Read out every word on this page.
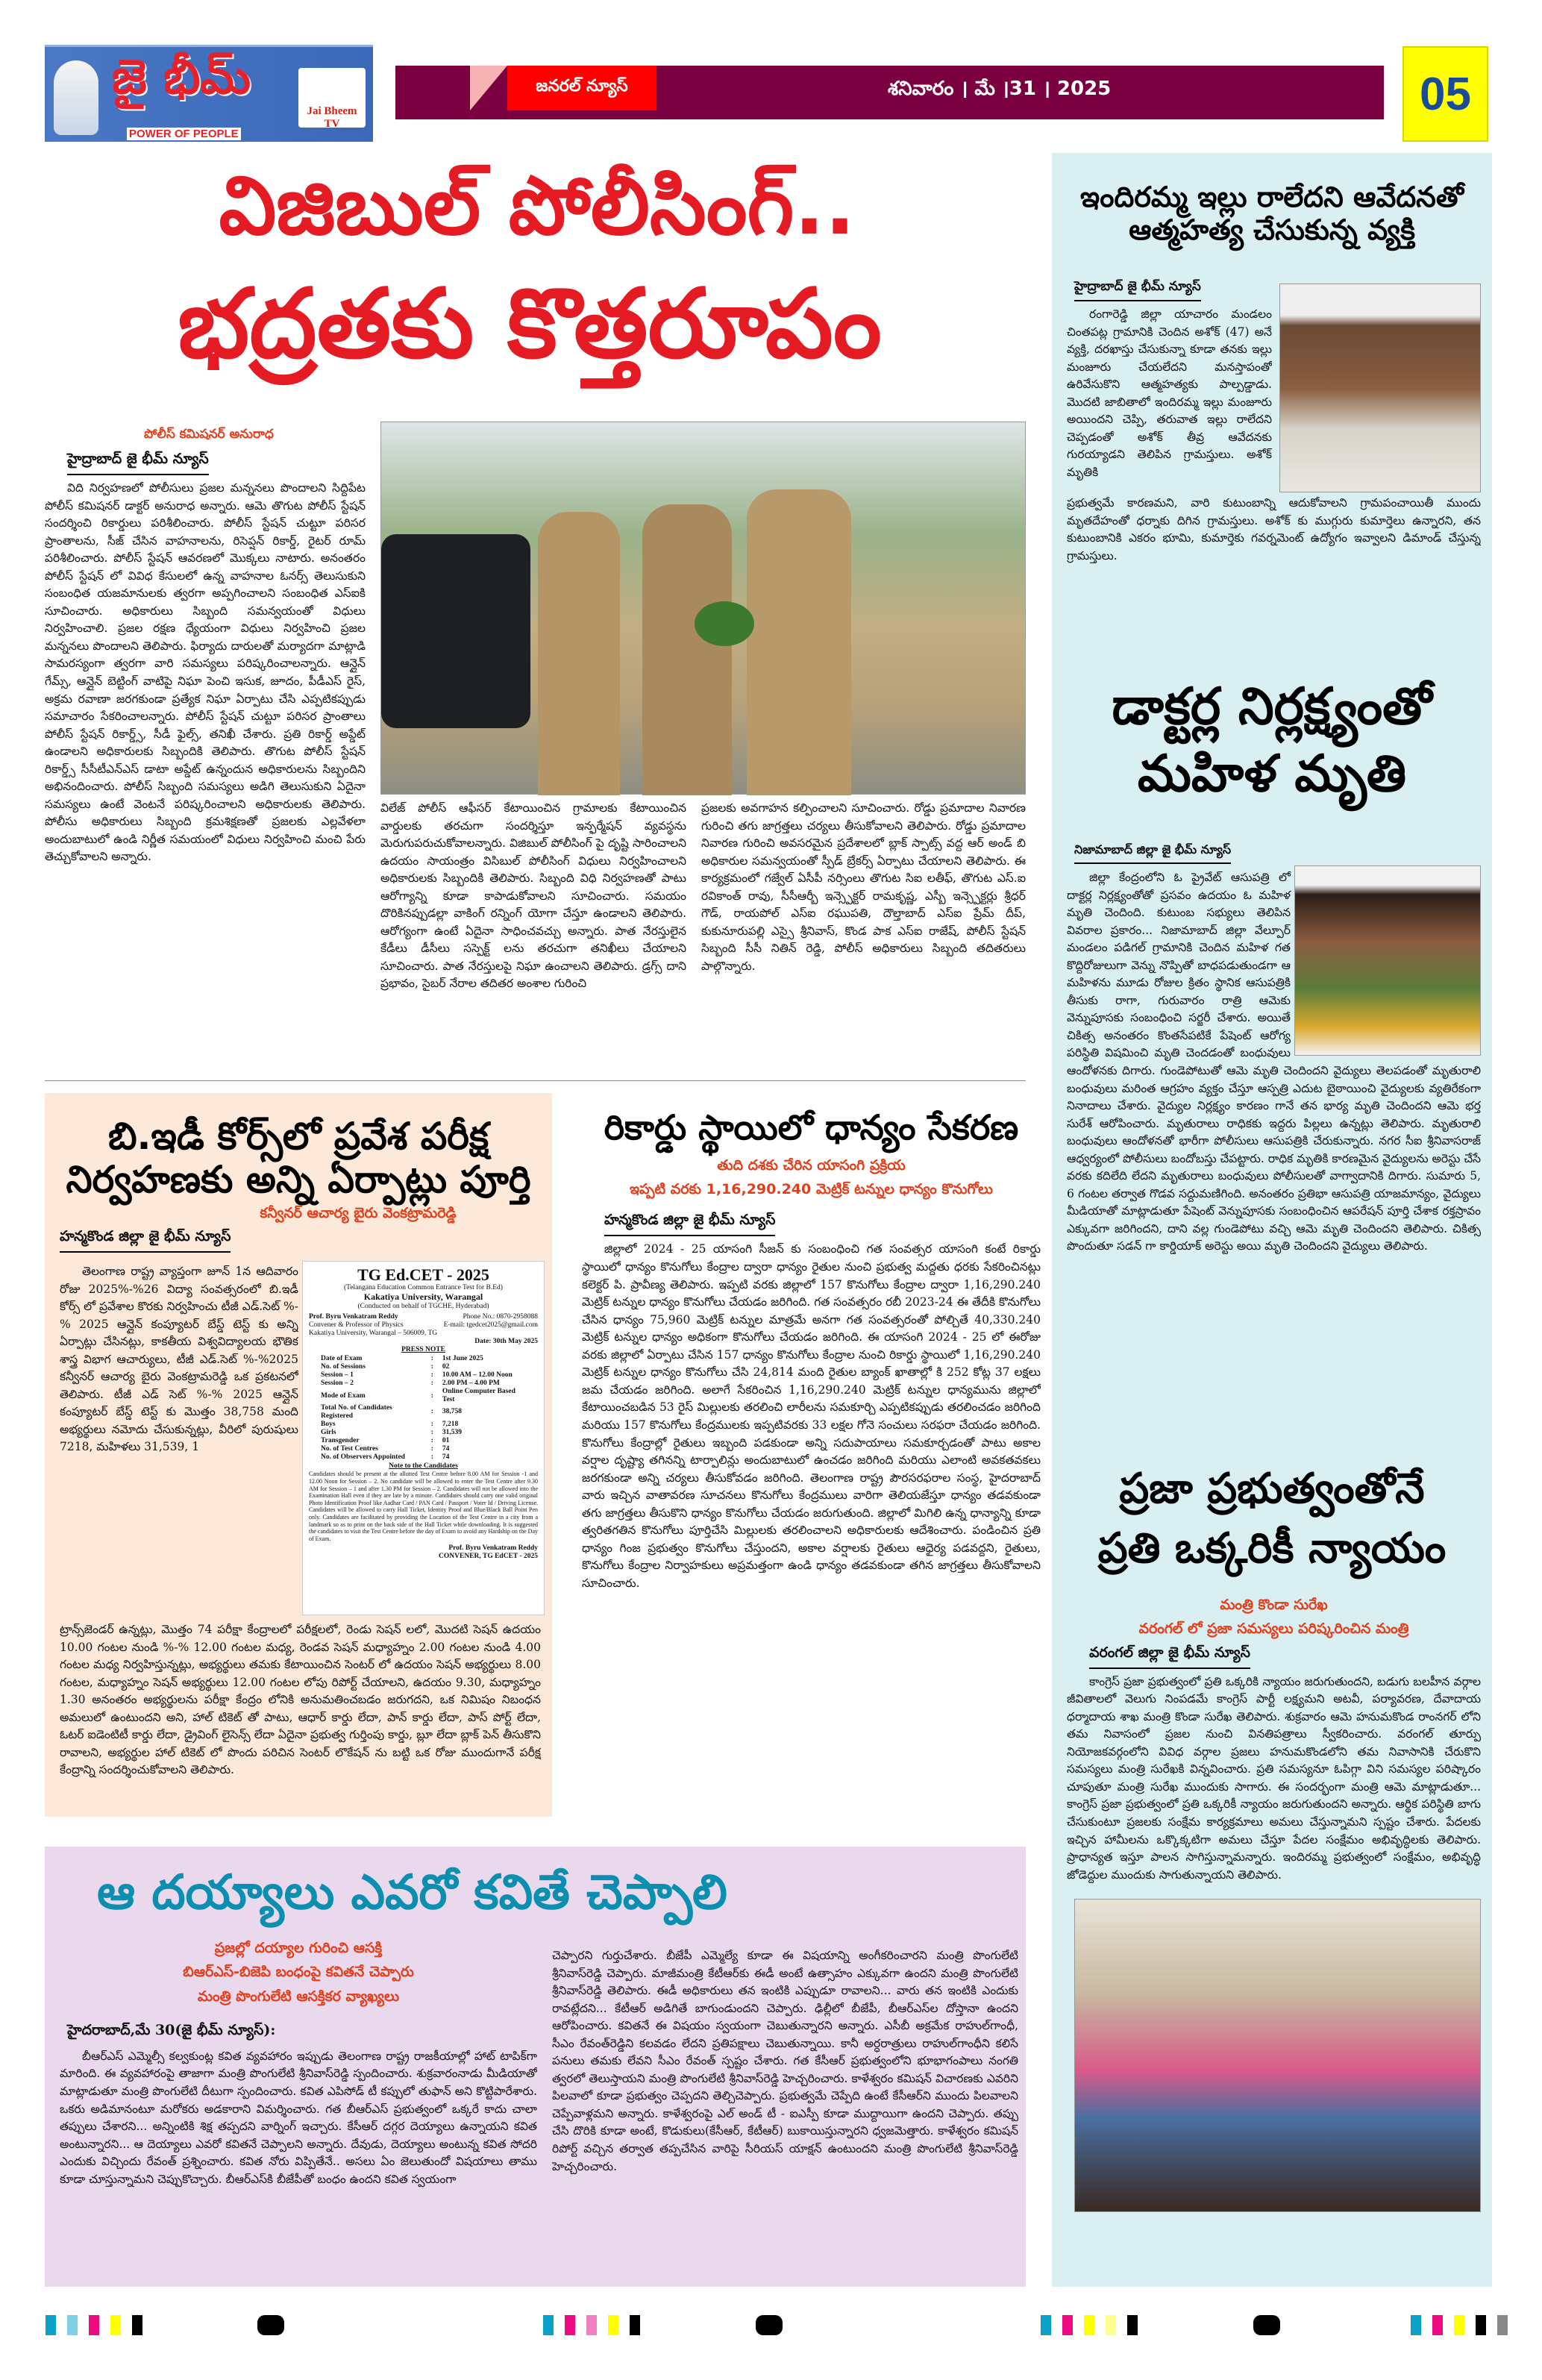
జై భీమ్
POWER OF PEOPLE
Jai Bheem TV
జనరల్ న్యూస్	శనివారం । మే ।31 । 2025	05
విజిబుల్ పోలీసింగ్..
భద్రతకు కొత్తరూపం
పోలీస్ కమిషనర్ అనురాధ
హైద్రాబాద్ జై భీమ్ న్యూస్

విది నిర్వహణలో పోలీసులు ప్రజల మన్ననలు పొందాలని సిద్దిపేట పోలీస్ కమిషనర్ డాక్టర్ అనురాధ అన్నారు. ఆమె తొగుట పోలీస్ స్టేషన్ సందర్శించి రికార్డులు పరిశీలించారు. పోలీస్ స్టేషన్ చుట్టూ పరిసర ప్రాంతాలను, సీజ్ చేసిన వాహనాలను, రిసెప్షన్ రికార్డ్, రైటర్ రూమ్ పరిశీలించారు. పోలీస్ స్టేషన్ ఆవరణలో మొక్కలు నాటారు. అనంతరం పోలీస్ స్టేషన్ లో వివిధ కేసులలో ఉన్న వాహనాల ఓనర్స్ తెలుసుకుని సంబంధిత యజమానులకు త్వరగా అప్పగించాలని సంబంధిత ఎస్ఐకి సూచించారు. అధికారులు సిబ్బంది సమన్వయంతో విధులు నిర్వహించాలి. ప్రజల రక్షణ ధ్యేయంగా విధులు నిర్వహించి ప్రజల మన్ననలు పొందాలని తెలిపారు. ఫిర్యాదు దారులతో మర్యాదగా మాట్లాడి సామరస్యంగా త్వరగా వారి సమస్యలు పరిష్కరించాలన్నారు. ఆన్లైన్ గేమ్స్, ఆన్లైన్ బెట్టింగ్ వాటిపై నిఘా పెంచి ఇసుక, జూదం, పీడీఎస్ రైస్, అక్రమ రవాణా జరగకుండా ప్రత్యేక నిఘా ఏర్పాటు చేసి ఎప్పటికప్పుడు సమాచారం సేకరించాలన్నారు. పోలీస్ స్టేషన్ చుట్టూ పరిసర ప్రాంతాలు పోలీస్ స్టేషన్ రికార్డ్స్, సీడీ ఫైల్స్, తనిఖీ చేశారు. ప్రతి రికార్డ్ అప్డేట్ ఉండాలని అధికారులకు సిబ్బందికి తెలిపారు. తొగుట పోలీస్ స్టేషన్ రికార్డ్స్ సీసీటీఎన్ఎస్ డాటా అప్డేట్ ఉన్నందున అధికారులను సిబ్బందిని అభినందించారు. పోలీస్ సిబ్బంది సమస్యలు అడిగి తెలుసుకుని ఏదైనా సమస్యలు ఉంటే వెంటనే పరిష్కరించాలని అధికారులకు తెలిపారు. పోలీసు అధికారులు సిబ్బంది క్రమశిక్షణతో ప్రజలకు ఎల్లవేళలా అందుబాటులో ఉండి నిర్ణీత సమయంలో విధులు నిర్వహించి మంచి పేరు తెచ్చుకోవాలని అన్నారు.

విలేజ్ పోలీస్ ఆఫీసర్ కేటాయించిన గ్రామాలకు కేటాయించిన వార్డులకు తరచుగా సందర్శిస్తూ ఇన్ఫర్మేషన్ వ్యవస్థను మెరుగుపరుచుకోవాలన్నారు. విజిబుల్ పోలీసింగ్ పై దృష్టి సారించాలని ఉదయం సాయంత్రం విసిబుల్ పోలీసింగ్ విధులు నిర్వహించాలని అధికారులకు సిబ్బందికి తెలిపారు. సిబ్బంది విధి నిర్వహణతో పాటు ఆరోగ్యాన్ని కూడా కాపాడుకోవాలని సూచించారు. సమయం దొరికినప్పుడల్లా వాకింగ్ రన్నింగ్ యోగా చేస్తూ ఉండాలని తెలిపారు. ఆరోగ్యంగా ఉంటే ఏదైనా సాధించవచ్చు అన్నారు. పాత నేరస్తులైన కేడీలు డీసీలు సస్పెక్ట్ లను తరచుగా తనిఖీలు చేయాలని సూచించారు. పాత నేరస్తులపై నిఘా ఉంచాలని తెలిపారు. డ్రగ్స్ దాని ప్రభావం, సైబర్ నేరాల తదితర అంశాల గురించి

ప్రజలకు అవగాహన కల్పించాలని సూచించారు. రోడ్డు ప్రమాదాల నివారణ గురించి తగు జాగ్రత్తలు చర్యలు తీసుకోవాలని తెలిపారు. రోడ్డు ప్రమాదాల నివారణ గురించి అవసరమైన ప్రదేశాలలో బ్లాక్ స్పాట్స్ వద్ద ఆర్ అండ్ బి అధికారుల సమన్వయంతో స్పీడ్ బ్రేకర్స్ ఏర్పాటు చేయాలని తెలిపారు. ఈ కార్యక్రమంలో గజ్వేల్ ఏసీపీ నర్సింలు తొగుట సిఐ లతీఫ్, తొగుట ఎస్.ఐ రవికాంత్ రావు, సీసీఆర్బీ ఇన్స్పెక్టర్ రామకృష్ణ, ఎస్బీ ఇన్స్పెక్టర్లు శ్రీధర్ గౌడ్, రాయపోల్ ఎస్ఐ రఘుపతి, దౌల్తాబాద్ ఎస్ఐ ప్రేమ్ దీప్, కుకునూరుపల్లి ఎస్సై శ్రీనివాస్, కొండ పాక ఎస్ఐ రాజేష్, పోలీస్ స్టేషన్ సిబ్బంది సీసీ నితిన్ రెడ్డి, పోలీస్ అధికారులు సిబ్బంది తదితరులు పాల్గొన్నారు.

బి.ఇడీ కోర్స్‌లో ప్రవేశ పరీక్ష
నిర్వహణకు అన్ని ఏర్పాట్లు పూర్తి
కన్వీనర్ ఆచార్య బైరు వెంకట్రామరెడ్డి
హన్మకొండ జిల్లా జై భీమ్ న్యూస్

తెలంగాణ రాష్ట్ర వ్యాప్తంగా జూన్ 1న ఆదివారం రోజు 2025%-%26 విద్యా సంవత్సరంలో బి.ఇడీ కోర్స్ లో ప్రవేశాల కొరకు నిర్వహించు టీజీ ఎడ్.సెట్ %-% 2025 ఆన్లైన్ కంప్యూటర్ బేస్డ్ టెస్ట్ కు అన్ని ఏర్పాట్లు చేసినట్లు, కాకతీయ విశ్వవిద్యాలయ భౌతిక శాస్త్ర విభాగ ఆచార్యులు, టీజీ ఎడ్.సెట్ %-%2025 కన్వీనర్ ఆచార్య బైరు వెంకట్రామరెడ్డి ఒక ప్రకటనలో తెలిపారు. టీజీ ఎడ్ సెట్ %-% 2025 ఆన్లైన్ కంప్యూటర్ బేస్డ్ టెస్ట్ కు మొత్తం 38,758 మంది అభ్యర్థులు నమోదు చేసుకున్నట్లు, వీరిలో పురుషులు 7218, మహిళలు 31,539, 1

TG Ed.CET - 2025
(Telangana Education Common Entrance Test for B.Ed)
Kakatiya University, Warangal
(Conducted on behalf of TGCHE, Hyderabad)
Prof. Byru Venkatram Reddy
Convener & Professor of Physics
Kakatiya University, Warangal – 506009, TG
Phone No.: 0870-2958088
E-mail: tgedcet2025@gmail.com
Date: 30th May 2025
PRESS NOTE
Date of Exam	:	1st June 2025
No. of Sessions	:	02
Session – 1	:	10.00 AM – 12.00 Noon
Session – 2	:	2.00 PM – 4.00 PM
Mode of Exam	:	Online Computer Based Test
Total No. of Candidates Registered	:	38,758
Boys	:	7,218
Girls	:	31,539
Transgender	:	01
No. of Test Centres	:	74
No. of Observers Appointed	:	74
Note to the Candidates
Candidates should be present at the allotted Test Centre before 8.00 AM for Session -1 and 12.00 Noon for Session – 2. No candidate will be allowed to enter the Test Centre after 9.30 AM for Session – 1 and after 1.30 PM for Session – 2. Candidates will not be allowed into the Examination Hall even if they are late by a minute. Candidates should carry one valid original Photo Identification Proof like Aadhar Card / PAN Card / Passport / Voter Id / Driving License. Candidates will be allowed to carry Hall Ticket, Identity Proof and Blue/Black Ball Point Pen only. Candidates are facilitated by providing the Location of the Test Centre in a city from a landmark so as to print on the back side of the Hall Ticket while downloading. It is suggested the candidates to visit the Test Centre before the day of Exam to avoid any Hardship on the Day of Exam.
Prof. Byru Venkatram Reddy
CONVENER, TG EdCET - 2025

ట్రాన్స్‌జెండర్ ఉన్నట్లు, మొత్తం 74 పరీక్షా కేంద్రాలలో పరీక్షలలో, రెండు సెషన్ లలో, మొదటి సెషన్ ఉదయం 10.00 గంటల నుండి %-% 12.00 గంటల మధ్య, రెండవ సెషన్ మధ్యాహ్నం 2.00 గంటల నుండి 4.00 గంటల మధ్య నిర్వహిస్తున్నట్లు, అభ్యర్థులు తమకు కేటాయించిన సెంటర్ లో ఉదయం సెషన్ అభ్యర్థులు 8.00 గంటల, మధ్యాహ్నం సెషన్ అభ్యర్థులు 12.00 గంటల లోపు రిపోర్ట్ చేయాలని, ఉదయం 9.30, మధ్యాహ్నం 1.30 అనంతరం అభ్యర్థులను పరీక్షా కేంద్రం లోనికి అనుమతించబడం జరుగదని, ఒక నిమిషం నిబంధన అమలులో ఉంటుందని అని, హాల్ టికెట్ తో పాటు, ఆధార్ కార్డు లేదా, పాన్ కార్డు లేదా, పాస్ పోర్ట్ లేదా, ఓటర్ ఐడెంటిటీ కార్డు లేదా, డ్రైవింగ్ లైసెన్స్ లేదా ఏదైనా ప్రభుత్వ గుర్తింపు కార్డు, బ్లూ లేదా బ్లాక్ పెన్ తీసుకొని రావాలని, అభ్యర్థుల హాల్ టికెట్ లో పొందు పరిచిన సెంటర్ లొకేషన్ ను బట్టి ఒక రోజు ముందుగానే పరీక్ష కేంద్రాన్ని సందర్శించుకోవాలని తెలిపారు.

రికార్డు స్థాయిలో ధాన్యం సేకరణ
తుది దశకు చేరిన యాసంగి ప్రక్రియ
ఇప్పటి వరకు 1,16,290.240 మెట్రిక్ టన్నుల ధాన్యం కొనుగోలు
హన్మకొండ జిల్లా జై భీమ్ న్యూస్

జిల్లాలో 2024 - 25 యాసంగి సీజన్ కు సంబంధించి గత సంవత్సర యాసంగి కంటే రికార్డు స్థాయిలో ధాన్యం కొనుగోలు కేంద్రాల ద్వారా ధాన్యం రైతుల నుంచి ప్రభుత్వ మద్దతు ధరకు సేకరించినట్లు కలెక్టర్ పి. ప్రావీణ్య తెలిపారు. ఇప్పటి వరకు జిల్లాలో 157 కొనుగోలు కేంద్రాల ద్వారా 1,16,290.240 మెట్రిక్ టన్నుల ధాన్యం కొనుగోలు చేయడం జరిగింది. గత సంవత్సరం రబీ 2023-24 ఈ తేదీకి కొనుగోలు చేసిన ధాన్యం 75,960 మెట్రిక్ టన్నుల మాత్రమే అనగా గత సంవత్సరంతో పోల్చితే 40,330.240 మెట్రిక్ టన్నుల ధాన్యం అధికంగా కొనుగోలు చేయడం జరిగింది. ఈ యాసంగి 2024 - 25 లో ఈరోజు వరకు జిల్లాలో ఏర్పాటు చేసిన 157 ధాన్యం కొనుగోలు కేంద్రాల నుంచి రికార్డు స్థాయిలో 1,16,290.240 మెట్రిక్ టన్నుల ధాన్యం కొనుగోలు చేసి 24,814 మంది రైతుల బ్యాంక్ ఖాతాల్లో కి 252 కోట్ల 37 లక్షలు జమ చేయడం జరిగింది. అలాగే సేకరించిన 1,16,290.240 మెట్రిక్ టన్నుల ధాన్యమును జిల్లాలో కేటాయించబడిన 53 రైస్ మిల్లులకు తరలించి లారీలను సమకూర్చి ఎప్పటికప్పుడు తరలించడం జరిగింది మరియు 157 కొనుగోలు కేంద్రములకు ఇప్పటివరకు 33 లక్షల గోనె సంచులు సరఫరా చేయడం జరిగింది. కొనుగోలు కేంద్రాల్లో రైతులు ఇబ్బంది పడకుండా అన్ని సదుపాయాలు సమకూర్చడంతో పాటు అకాల వర్షాల దృష్ట్యా తగినన్ని టార్పాలిన్లు అందుబాటులో ఉంచడం జరిగింది మరియు ఎలాంటి అవకతవకలు జరగకుండా అన్ని చర్యలు తీసుకోవడం జరిగింది. తెలంగాణ రాష్ట్ర పౌరసరఫరాల సంస్థ, హైదరాబాద్ వారు ఇచ్చిన వాతావరణ సూచనలు కొనుగోలు కేంద్రములు వారిగా తెలియజేస్తూ ధాన్యం తడవకుండా తగు జాగ్రత్తలు తీసుకొని ధాన్యం కొనుగోలు చేయడం జరుగుతుంది. జిల్లాలో మిగిలి ఉన్న ధాన్యాన్ని కూడా త్వరితగతిన కొనుగోలు పూర్తిచేసి మిల్లులకు తరలించాలని అధికారులకు ఆదేశించారు. పండించిన ప్రతి ధాన్యం గింజ ప్రభుత్వం కొనుగోలు చేస్తుందని, అకాల వర్షాలకు రైతులు ఆధైర్య పడవద్దని, రైతులు, కొనుగోలు కేంద్రాల నిర్వాహకులు అప్రమత్తంగా ఉండి ధాన్యం తడవకుండా తగిన జాగ్రత్తలు తీసుకోవాలని సూచించారు.

ఆ దయ్యాలు ఎవరో కవితే చెప్పాలి
ప్రజల్లో దయ్యాల గురించి ఆసక్తి
బిఆర్ఎస్-బిజెపి బంధంపై కవితనే చెప్పారు
మంత్రి పొంగులేటి ఆసక్తికర వ్యాఖ్యలు
హైదరాబాద్,మే 30(జై భీమ్ న్యూస్):

బీఆర్ఎస్ ఎమ్మెల్సీ కల్వకుంట్ల కవిత వ్యవహారం ఇప్పుడు తెలంగాణ రాష్ట్ర రాజకీయాల్లో హాట్ టాపిక్‌గా మారింది. ఈ వ్యవహారంపై తాజాగా మంత్రి పొంగులేటి శ్రీనివాస్‌రెడ్డి స్పందించారు. శుక్రవారంనాడు మీడియాతో మాట్లాడుతూ మంత్రి పొంగులేటి దీటుగా స్పందించారు. కవిత ఎపిసోడ్ టీ కప్పులో తుఫాన్ అని కొట్టిపారేశారు. ఒకరు అడిమానంటూ మరోకరు అడకారాని విమర్శించారు. గత బీఆర్ఎస్ ప్రభుత్వంలో ఒక్కరే కాదు చాలా తప్పులు చేశారని... అన్నింటికి శిక్ష తప్పదని వార్నింగ్ ఇచ్చారు. కేసీఆర్ దగ్గర దెయ్యాలు ఉన్నాయని కవిత అంటున్నారని... ఆ దెయ్యాలు ఎవరో కవితనే చెప్పాలని అన్నారు. దేవుడు, దెయ్యాలు అంటున్న కవిత సోదరి ఎందుకు విచ్చిందు రేవంత్ ప్రశ్నించారు. కవిత నోరు విప్పితేనే.. అసలు ఏం జెలుతుందో విషయాలు తాము కూడా చూస్తున్నామని చెప్పుకొచ్చారు. బీఆర్ఎస్‌కి బీజేపీతో బంధం ఉందని కవిత స్వయంగా

చెప్పారని గుర్తుచేశారు. బీజేపీ ఎమ్మెల్యే కూడా ఈ విషయాన్ని అంగీకరించారని మంత్రి పొంగులేటి శ్రీనివాస్‌రెడ్డి చెప్పారు. మాజీమంత్రి కేటీఆర్‌కు ఈడీ అంటే ఉత్సాహం ఎక్కువగా ఉందని మంత్రి పొంగులేటి శ్రీనివాస్‌రెడ్డి తెలిపారు. ఈడీ అధికారులు తన ఇంటికి ఎప్పుడూ రావాలని... వారు తన ఇంటికి ఎందుకు రావట్లేదని... కేటీఆర్ అడిగితే బాగుండుందని చెప్పారు. ఢిల్లీలో బీజేపీ, బీఆర్ఎస్‌ల దోస్తానా ఉందని ఆరోపించారు. కవితనే ఈ విషయం స్వయంగా చెబుతున్నారని అన్నారు. ఎసీబీ అక్రమేక రాహుల్‌గాంధీ, సీఎం రేవంత్‌రెడ్డిని కలవడం లేదని ప్రతిపక్షాలు చెబుతున్నాయి. కానీ అర్ధరాత్రులు రాహుల్‌గాంధీని కలిసే పనులు తమకు లేవని సీఎం రేవంత్ స్పష్టం చేశారు. గత కేసీఆర్ ప్రభుత్వంలోని భూభాగంపాలు నంగతి త్వరలో తెలుస్తాయని మంత్రి పొంగులేటి శ్రీనివాస్‌రెడ్డి హెచ్చరించారు. కాళేశ్వరం కమిషన్ విచారణకు ఎవరిని పిలవాలో కూడా ప్రభుత్వం చెప్పదని తెల్చిచెప్పారు. ప్రభుత్వమే చెప్పేది ఉంటే కేసీఆర్‌ని ముందు పిలవాలని చెప్పేవాళ్లమని అన్నారు. కాళేశ్వరంపై ఎల్ అండ్ టీ - ఐఎస్పీ కూడా ముద్దాయిగా ఉందని చెప్పారు. తప్పు చేసి దొరికి కూడా అంటే, కొడుకులు(కేసీఆర్, కేటీఆర్) బుకాయిస్తున్నారని ధ్వజమెత్తారు. కాళేశ్వరం కమిషన్ రిపోర్ట్ వచ్చిన తర్వాత తప్పచేసిన వారిపై సీరియస్ యాక్షన్ ఉంటుందని మంత్రి పొంగులేటి శ్రీనివాస్‌రెడ్డి హెచ్చరించారు.

ఇందిరమ్మ ఇల్లు రాలేదని ఆవేదనతో
ఆత్మహత్య చేసుకున్న వ్యక్తి
హైద్రాబాద్ జై భీమ్ న్యూస్

రంగారెడ్డి జిల్లా యాచారం మండలం చింతపట్ల గ్రామానికి చెందిన అశోక్ (47) అనే వ్యక్తి, దరఖాస్తు చేసుకున్నా కూడా తనకు ఇల్లు మంజూరు చేయలేదని మనస్తాపంతో ఉరివేసుకొని ఆత్మహత్యకు పాల్పడ్డాడు. మొదటి జాబితాలో ఇందిరమ్మ ఇల్లు మంజూరు అయిందని చెప్పి, తరువాత ఇల్లు రాలేదని చెప్పడంతో అశోక్ తీవ్ర ఆవేదనకు గురయ్యాడని తెలిపిన గ్రామస్తులు. అశోక్ మృతికి

ప్రభుత్వమే కారణమని, వారి కుటుంబాన్ని ఆదుకోవాలని గ్రామపంచాయితీ ముందు మృతదేహంతో ధర్నాకు దిగిన గ్రామస్తులు. అశోక్ కు ముగ్గురు కుమార్తెలు ఉన్నారని, తన కుటుంబానికి ఎకరం భూమి, కుమార్తెకు గవర్నమెంట్ ఉద్యోగం ఇవ్వాలని డిమాండ్ చేస్తున్న గ్రామస్తులు.

డాక్టర్ల నిర్లక్ష్యంతో
మహిళ మృతి
నిజామాబాద్ జిల్లా జై భీమ్ న్యూస్

జిల్లా కేంద్రంలోని ఓ ప్రైవేట్ ఆసుపత్రి లో దాక్టర్ల నిర్లక్ష్యంతోతో ప్రసవం ఉదయం ఓ మహిళ మృతి చెందింది. కుటుంబ సభ్యులు తెలిపిన వివరాల ప్రకారం... నిజామాబాద్ జిల్లా వేల్పూర్ మండలం పడిగల్ గ్రామానికి చెందిన మహిళ గత కొద్దిరోజులుగా వెన్ను నొప్పితో బాధపడుతుండగా ఆ మహిళను మూడు రోజుల క్రితం స్థానిక ఆసుపత్రికి తీసుకు రాగా, గురువారం రాత్రి ఆమెకు వెన్నుపూసకు సంబంధించి సర్జరీ చేశారు. అయితే చికిత్స అనంతరం కొంతసేపటికే పేషెంట్ ఆరోగ్య పరిస్థితి విషమించి మృతి చెందడంతో బంధువులు ఆందోళనకు దిగారు. గుండెపోటుతో ఆమె మృతి చెందిందని వైద్యులు తెలపడంతో మృతురాలి బంధువులు మరింత ఆగ్రహం వ్యక్తం చేస్తూ ఆస్పత్రి ఎదుట బైఠాయించి వైద్యులకు వ్యతిరేకంగా నినాదాలు చేశారు. వైద్యుల నిర్లక్ష్యం కారణం గానే తన భార్య మృతి చెందిందని ఆమె భర్త సురేశ్ ఆరోపించారు. మృతురాలు రాధికకు ఇద్దరు పిల్లలు ఉన్నట్లు తెలిపారు. మృతురాలి బంధువులు ఆందోళనతో భారీగా పోలీసులు ఆసుపత్రికి చేరుకున్నారు. నగర సీఐ శ్రీనివాసరాజ్ ఆధ్వర్యంలో పోలీసులు బందోబస్తు చేపట్టారు. రాధిక మృతికి కారణమైన వైద్యులను అరెస్టు చేసే వరకు కదిలేది లేదని మృతురాలు బంధువులు పోలీసులతో వాగ్వాదానికి దిగారు. సుమారు 5, 6 గంటల తర్వాత గొడవ సద్దుమణిగింది. అనంతరం ప్రతిభా ఆసుపత్రి యాజమాన్యం, వైద్యులు మీడియాతో మాట్లాడుతూ పేషెంట్ వెన్నుపూసకు సంబంధించిన ఆపరేషన్ పూర్తి చేశాక రక్తస్రావం ఎక్కువగా జరిగిందని, దాని వల్ల గుండెపోటు వచ్చి ఆమె మృతి చెందిందని తెలిపారు. చికిత్స పొందుతూ సడన్ గా కార్డియాక్ అరెస్టు అయి మృతి చెందిందని వైద్యులు తెలిపారు.

ప్రజా ప్రభుత్వంతోనే
ప్రతి ఒక్కరికీ న్యాయం
మంత్రి కొండా సురేఖ
వరంగల్ లో ప్రజా సమస్యలు పరిష్కరించిన మంత్రి
వరంగల్ జిల్లా జై భీమ్ న్యూస్

కాంగ్రెస్ ప్రజా ప్రభుత్వంలో ప్రతి ఒక్కరికి న్యాయం జరుగుతుందని, బడుగు బలహీన వర్గాల జీవితాలలో వెలుగు నింపడమే కాంగ్రెస్ పార్టీ లక్ష్యమని అటవీ, పర్యావరణ, దేవాదాయ ధర్మాదాయ శాఖ మంత్రి కొండా సురేఖ తెలిపారు. శుక్రవారం ఆమె హనుమకొండ రాంనగర్ లోని తమ నివాసంలో ప్రజల నుంచి వినతిపత్రాలు స్వీకరించారు. వరంగల్ తూర్పు నియోజకవర్గంలోని వివిధ వర్గాల ప్రజలు హనుమకొండలోని తమ నివాసానికి చేరుకొని సమస్యలు మంత్రి సురేఖకి విన్నవించారు. ప్రతి సమస్యనూ ఓపిగ్గా విని సమస్యల పరిష్కారం చూపుతూ మంత్రి సురేఖ ముందుకు సాగారు. ఈ సందర్భంగా మంత్రి ఆమె మాట్లాడుతూ... కాంగ్రెస్ ప్రజా ప్రభుత్వంలో ప్రతి ఒక్కరికీ న్యాయం జరుగుతుందని అన్నారు. ఆర్థిక పరిస్థితి బాగు చేసుకుంటూ ప్రజలకు సంక్షేమ కార్యక్రమాలు అమలు చేస్తున్నామని స్పష్టం చేశారు. పేదలకు ఇచ్చిన హామీలను ఒక్కొక్కటిగా అమలు చేస్తూ పేదల సంక్షేమం అభివృద్ధిలకు తెలిపారు. ప్రాధాన్యత ఇస్తూ పాలన సాగిస్తున్నామన్నారు. ఇందిరమ్మ ప్రభుత్వంలో సంక్షేమం, అభివృద్ధి జోడెద్దుల ముందుకు సాగుతున్నాయని తెలిపారు.
